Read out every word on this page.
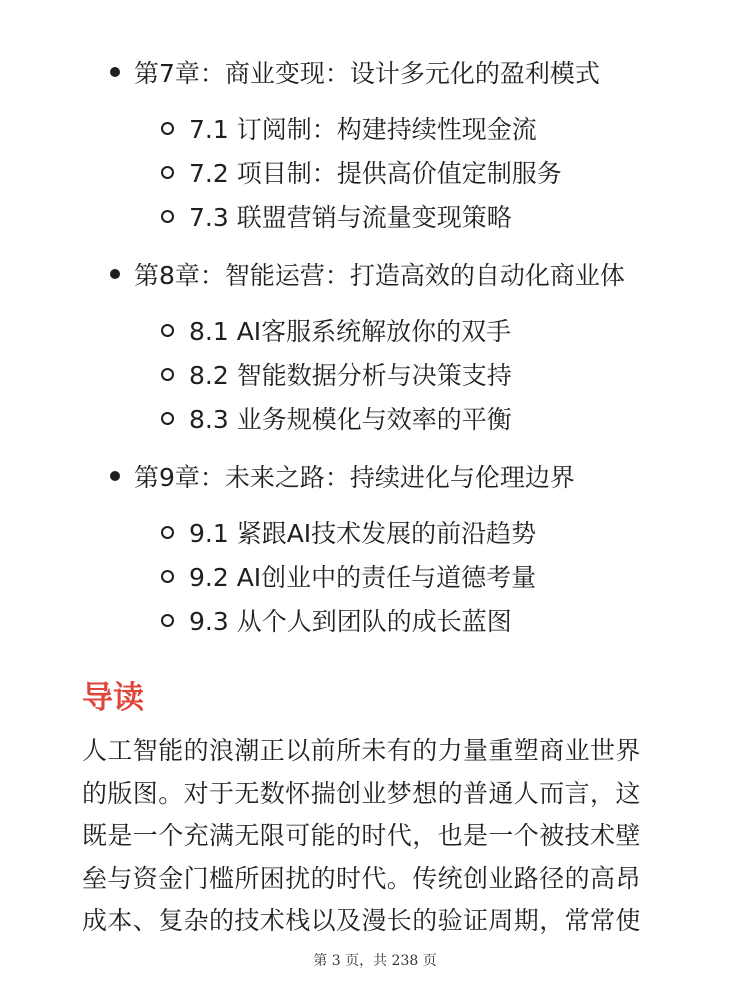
第7章：商业变现：设计多元化的盈利模式
7.1 订阅制：构建持续性现金流
7.2 项目制：提供高价值定制服务
7.3 联盟营销与流量变现策略
第8章：智能运营：打造高效的自动化商业体
8.1 AI客服系统解放你的双手
8.2 智能数据分析与决策支持
8.3 业务规模化与效率的平衡
第9章：未来之路：持续进化与伦理边界
9.1 紧跟AI技术发展的前沿趋势
9.2 AI创业中的责任与道德考量
9.3 从个人到团队的成长蓝图
导读
人工智能的浪潮正以前所未有的力量重塑商业世界
的版图。对于无数怀揣创业梦想的普通人而言，这
既是一个充满无限可能的时代，也是一个被技术壁
垒与资金门槛所困扰的时代。传统创业路径的高昂
成本、复杂的技术栈以及漫长的验证周期，常常使
第 3 页，共 238 页
